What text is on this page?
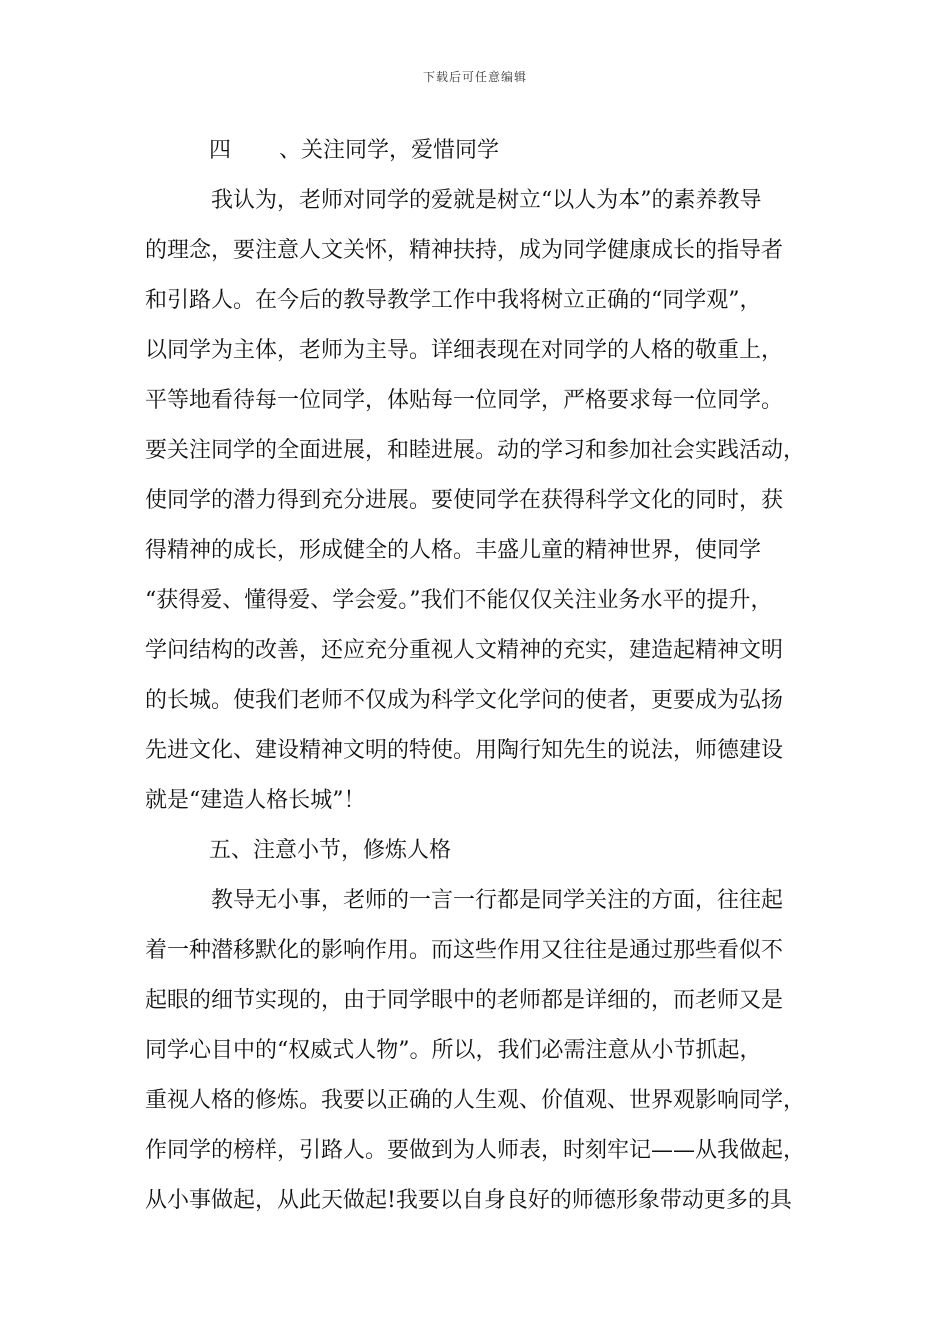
下载后可任意编辑
四 、关注同学，爱惜同学
我认为，老师对同学的爱就是树立“以人为本”的素养教导
的理念，要注意人文关怀，精神扶持，成为同学健康成长的指导者
和引路人。在今后的教导教学工作中我将树立正确的“同学观”，
以同学为主体，老师为主导。详细表现在对同学的人格的敬重上，
平等地看待每一位同学，体贴每一位同学，严格要求每一位同学。
要关注同学的全面进展，和睦进展。动的学习和参加社会实践活动，
使同学的潜力得到充分进展。要使同学在获得科学文化的同时，获
得精神的成长，形成健全的人格。丰盛儿童的精神世界，使同学
“获得爱、懂得爱、学会爱。”我们不能仅仅关注业务水平的提升，
学问结构的改善，还应充分重视人文精神的充实，建造起精神文明
的长城。使我们老师不仅成为科学文化学问的使者，更要成为弘扬
先进文化、建设精神文明的特使。用陶行知先生的说法，师德建设
就是“建造人格长城”！
五、注意小节，修炼人格
教导无小事，老师的一言一行都是同学关注的方面，往往起
着一种潜移默化的影响作用。而这些作用又往往是通过那些看似不
起眼的细节实现的，由于同学眼中的老师都是详细的，而老师又是
同学心目中的“权威式人物”。所以，我们必需注意从小节抓起，
重视人格的修炼。我要以正确的人生观、价值观、世界观影响同学，
作同学的榜样，引路人。要做到为人师表，时刻牢记——从我做起，
从小事做起，从此天做起!我要以自身良好的师德形象带动更多的具
